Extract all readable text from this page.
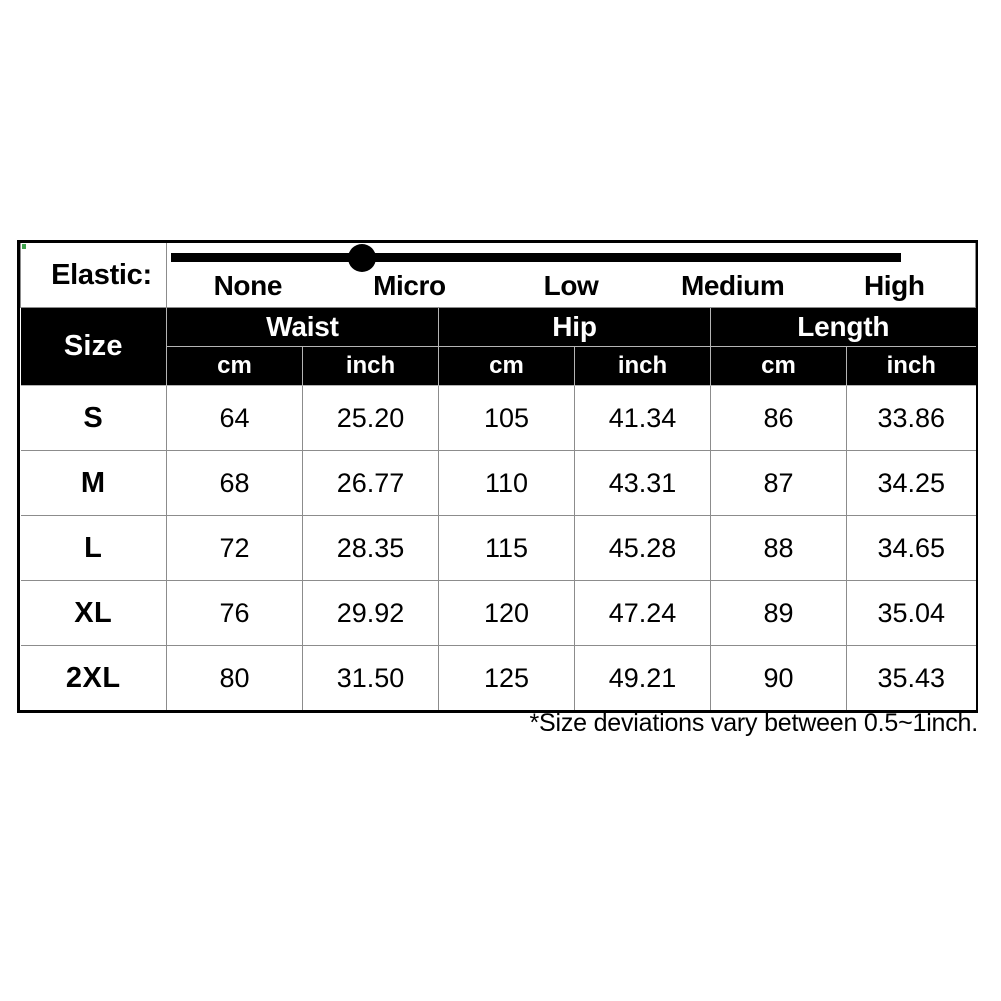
Elastic:	None Micro Low Medium High					

Size	Waist		Hip		Length	
	cm	inch	cm	inch	cm	inch
S	64	25.20	105	41.34	86	33.86
M	68	26.77	110	43.31	87	34.25
L	72	28.35	115	45.28	88	34.65
XL	76	29.92	120	47.24	89	35.04
2XL	80	31.50	125	49.21	90	35.43
*Size deviations vary between 0.5~1inch.
